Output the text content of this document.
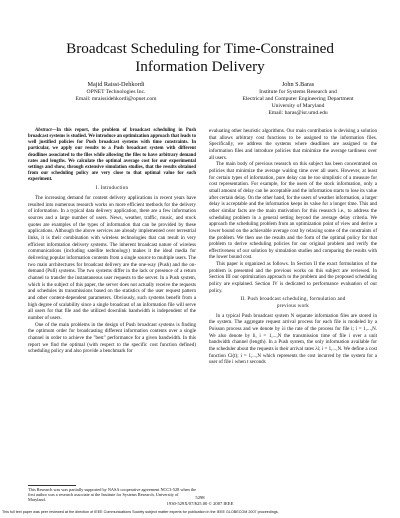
Broadcast Scheduling for Time-Constrained
Information Delivery
Majid Raissi-Dehkordi
OPNET Technologies Inc.
Email: mraissidehkordi@opnet.com
John S.Baras
Institute for Systems Research and
Electrical and Computer Engineering Department
University of Maryland
Email: baras@isr.umd.edu

Abstract—In this report, the problem of broadcast scheduling in Push broadcast systems is studied. We introduce an optimization approach that leads to well justified policies for Push broadcast systems with time constraints. In particular, we apply our results to a Push broadcast system with different deadlines associated to the files while allowing the files to have arbitrary demand rates and lengths. We calculate the optimal average cost for our experimental settings and show, through extensive simulation studies, that the results obtained from our scheduling policy are very close to that optimal value for such experiment.

I. Introduction

The increasing demand for content delivery applications in recent years have resulted into numerous research works on more efficient methods for the delivery of information. In a typical data delivery application, there are a few information sources and a large number of users. News, weather, traffic, music, and stock quotes are examples of the types of information that can be provided by these applications. Although the above services are already implemented over terrestrial links, it is their combination with wireless technologies that can result in very efficient information delivery systems. The inherent broadcast nature of wireless communications (including satellite technology) makes it the ideal media for delivering popular information contents from a single source to multiple users. The two main architectures for broadcast delivery are the one-way (Push) and the on-demand (Pull) systems. The two systems differ in the lack or presence of a return channel to transfer the instantaneous user requests to the server. In a Push system, which is the subject of this paper, the server does not actually receive the requests and schedules its transmissions based on the statistics of the user request pattern and other content-dependent parameters. Obviously, such systems benefit from a high degree of scalability since a single broadcast of an information file will serve all users for that file and the utilized downlink bandwidth is independent of the number of users.

One of the main problems in the design of Push broadcast systems is finding the optimum order for broadcasting different information contents over a single channel in order to achieve the "best" performance for a given bandwidth. In this report we find the optimal (with respect to the specific cost function defined) scheduling policy and also provide a benchmark for

This Research was was partially supported by NASA cooperative agreement NCC3-528 when the first author was a research associate at the Institute for Systems Research, University of Maryland.

evaluating other heuristic algorithms. Our main contribution is devising a solution that allows arbitrary cost functions to be assigned to the information files. Specifically, we address the systems where deadlines are assigned to the information files and introduce policies that minimize the average tardiness over all users.

The main body of previous research on this subject has been concentrated on policies that minimize the average waiting time over all users. However, at least for certain types of information, pure delay can be too simplistic of a measure for cost representation. For example, for the users of the stock information, only a small amount of delay can be acceptable and the information starts to lose its value after certain delay. On the other hand, for the users of weather information, a larger delay is acceptable and the information keeps its value for a longer time. This and other similar facts are the main motivation for this research i.e., to address the scheduling problem in a general setting beyond the average delay criteria. We approach the scheduling problem from an optimization point of view and derive a lower bound on the achievable average cost by relaxing some of the constraints of the problem. We then use the results and the form of the optimal policy for that problem to derive scheduling policies for our original problem and verify the effectiveness of our solution by simulation studies and comparing the results with the lower bound cost.

This paper is organized as follows. In Section II the exact formulation of the problem is presented and the previous works on this subject are reviewed. In Section III our optimization approach to the problem and the proposed scheduling policy are explained. Section IV is dedicated to performance evaluation of our policy.

II. Push broadcast scheduling, formulation and
previous work

In a typical Push broadcast system N separate information files are stored in the system. The aggregate request arrival process for each file is modeled by a Poisson process and we denote by λi the rate of the process for file i; i = 1,...,N. We also denote by li, i = 1,...,N the transmission time of file i over a unit bandwidth channel (length). In a Push system, the only information available for the scheduler about the requests is their arrival rates λi; i = 1,...,N. We define a cost function Ci(t); i = 1,...,N which represents the cost incurred by the system for a user of file i when t seconds

5298
1930-529X/07/$25.00 © 2007 IEEE
This full text paper was peer reviewed at the direction of IEEE Communications Society subject matter experts for publication in the IEEE GLOBECOM 2007 proceedings.
